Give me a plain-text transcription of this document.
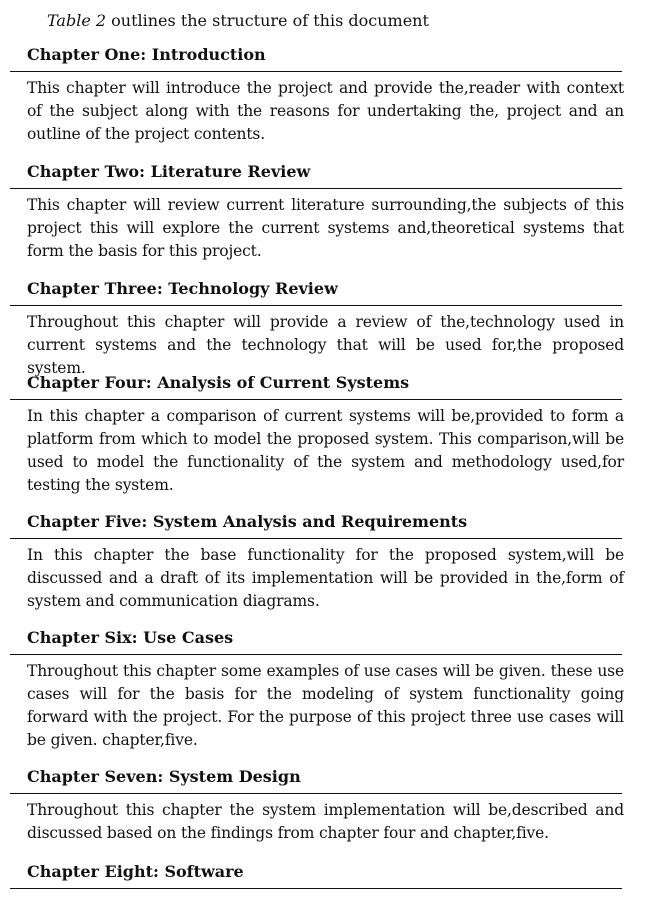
Table 2 outlines the structure of this document
Chapter One: Introduction
This chapter will introduce the project and provide the,reader with context of the subject along with the reasons for undertaking the, project and an outline of the project contents.
Chapter Two: Literature Review
This chapter will review current literature surrounding,the subjects of this project this will explore the current systems and,theoretical systems that form the basis for this project.
Chapter Three: Technology Review
Throughout this chapter will provide a review of the,technology used in current systems and the technology that will be used for,the proposed system.
Chapter Four: Analysis of Current Systems
In this chapter a comparison of current systems will be,provided to form a platform from which to model the proposed system. This comparison,will be used to model the functionality of the system and methodology used,for testing the system.
Chapter Five: System Analysis and Requirements
In this chapter the base functionality for the proposed system,will be discussed and a draft of its implementation will be provided in the,form of system and communication diagrams.
Chapter Six: Use Cases
Throughout this chapter some examples of use cases will be given. these use cases will for the basis for the modeling of system functionality going forward with the project. For the purpose of this project three use cases will be given. chapter,five.
Chapter Seven: System Design
Throughout this chapter the system implementation will be,described and discussed based on the findings from chapter four and chapter,five.
Chapter Eight: Software
